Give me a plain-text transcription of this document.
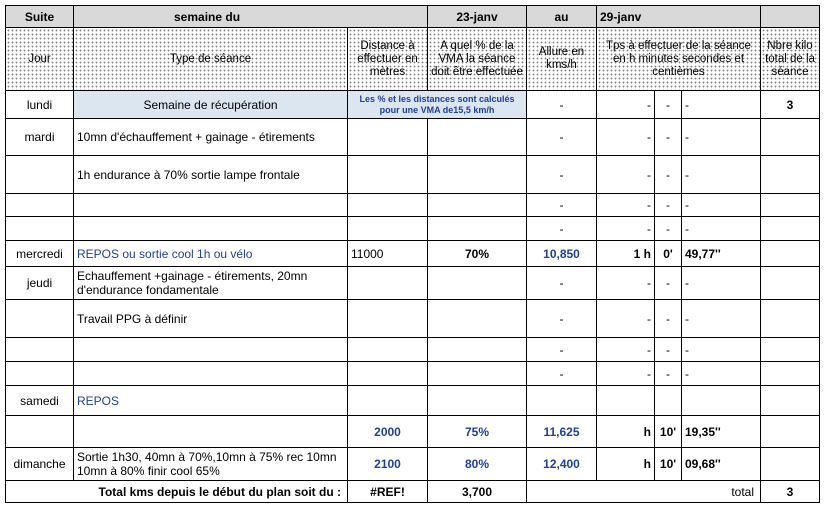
Suite	semaine du		23-janv	au	29-janv			
Jour	Type de séance	Distance à effectuer en mètres	A quel % de la VMA la séance doit être effectuée	Allure en kms/h	Tps à effectuer de la séance en h minutes secondes et centièmes			Nbre kilo total de la séance
lundi	Semaine de récupération	Les % et les distances sont calculés pour une VMA de15,5 km/h		-	-	-	-	3
mardi	10mn d'échauffement + gainage - étirements			-	-	-	-	
	1h endurance à 70% sortie lampe frontale			-	-	-	-	
				-	-	-	-	
				-	-	-	-	
mercredi	REPOS ou sortie cool 1h ou vélo	11000	70%	10,850	1 h	0'	49,77''	
jeudi	Echauffement +gainage - étirements, 20mn d'endurance fondamentale			-	-	-	-	
	Travail PPG à définir			-	-	-	-	
				-	-	-	-	
				-	-	-	-	
samedi	REPOS							
		2000	75%	11,625	h	10'	19,35''	
dimanche	Sortie 1h30, 40mn à 70%,10mn à 75% rec 10mn 10mn à 80% finir cool 65%	2100	80%	12,400	h	10'	09,68''	
Total kms depuis le début du plan soit du :		#REF!	3,700	total				3
